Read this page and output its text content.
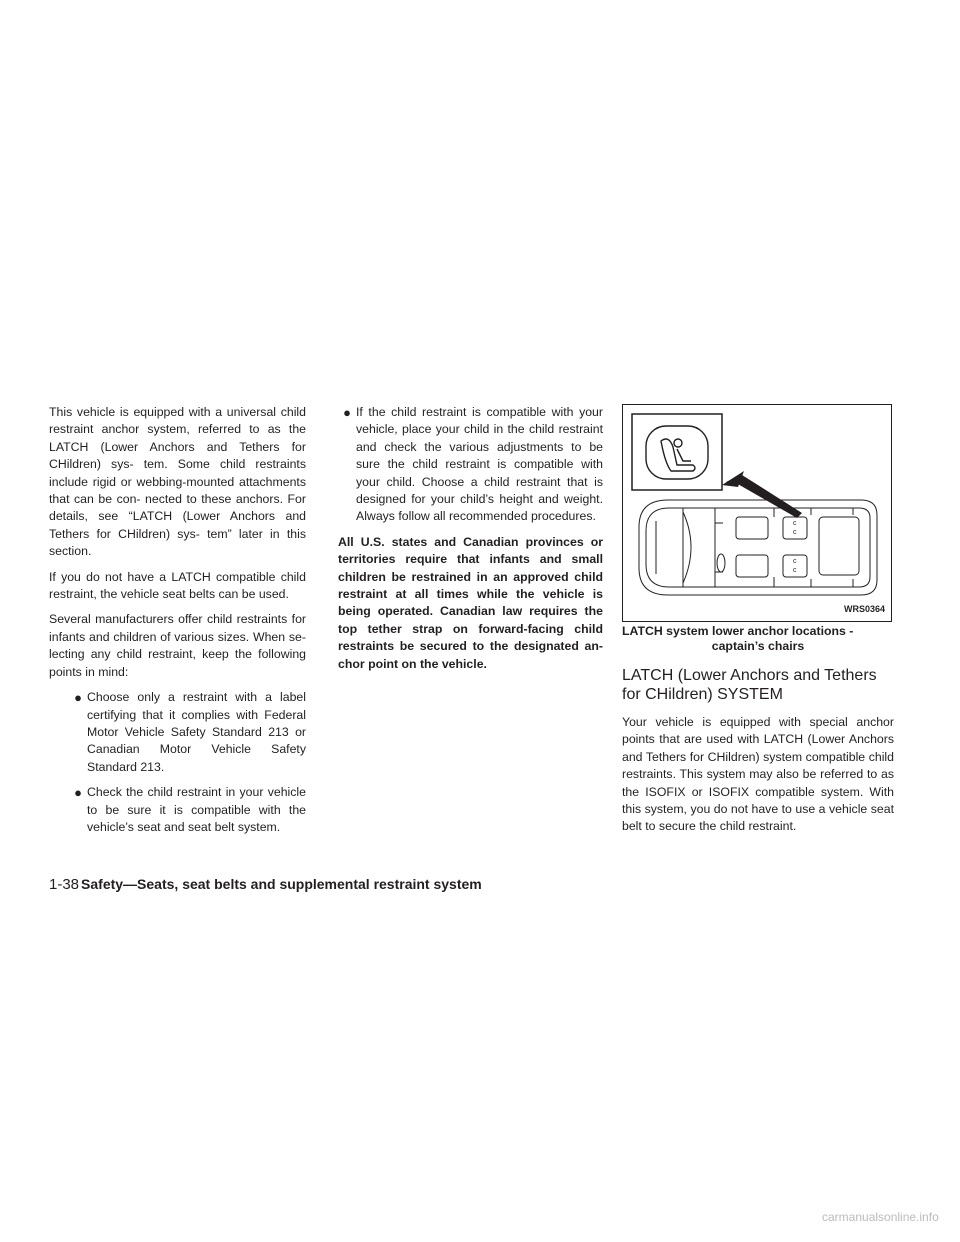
This vehicle is equipped with a universal child restraint anchor system, referred to as the LATCH (Lower Anchors and Tethers for CHildren) sys- tem. Some child restraints include rigid or webbing-mounted attachments that can be con- nected to these anchors. For details, see “LATCH (Lower Anchors and Tethers for CHildren) sys- tem” later in this section.

If you do not have a LATCH compatible child restraint, the vehicle seat belts can be used.

Several manufacturers offer child restraints for infants and children of various sizes. When se- lecting any child restraint, keep the following points in mind:

● Choose only a restraint with a label certifying that it complies with Federal Motor Vehicle Safety Standard 213 or Canadian Motor Vehicle Safety Standard 213.
● Check the child restraint in your vehicle to be sure it is compatible with the vehicle’s seat and seat belt system.
● If the child restraint is compatible with your vehicle, place your child in the child restraint and check the various adjustments to be sure the child restraint is compatible with your child. Choose a child restraint that is designed for your child’s height and weight. Always follow all recommended procedures.

All U.S. states and Canadian provinces or territories require that infants and small children be restrained in an approved child restraint at all times while the vehicle is being operated. Canadian law requires the top tether strap on forward-facing child restraints be secured to the designated an- chor point on the vehicle.

c
c
c
c
WRS0364
LATCH system lower anchor locations -
captain’s chairs
LATCH (Lower Anchors and Tethers for CHildren) SYSTEM

Your vehicle is equipped with special anchor points that are used with LATCH (Lower Anchors and Tethers for CHildren) system compatible child restraints. This system may also be referred to as the ISOFIX or ISOFIX compatible system. With this system, you do not have to use a vehicle seat belt to secure the child restraint.

1-38 Safety—Seats, seat belts and supplemental restraint system
carmanualsonline.info
